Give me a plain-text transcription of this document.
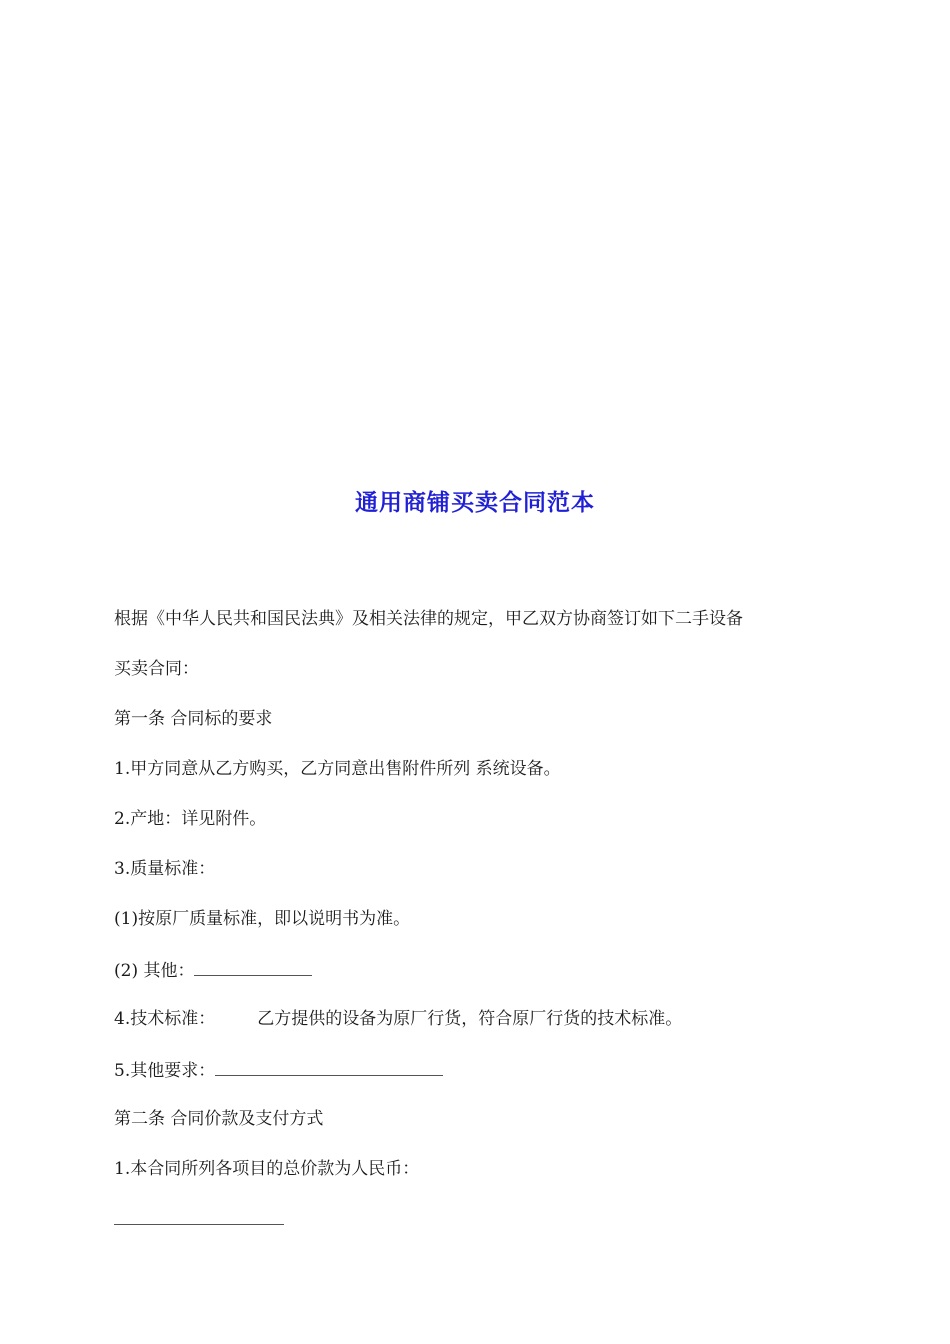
通用商铺买卖合同范本
根据《中华人民共和国民法典》及相关法律的规定，甲乙双方协商签订如下二手设备
买卖合同：
第一条 合同标的要求
1.甲方同意从乙方购买，乙方同意出售附件所列 系统设备。
2.产地：详见附件。
3.质量标准：
(1)按原厂质量标准，即以说明书为准。
(2) 其他：
4.技术标准： 乙方提供的设备为原厂行货，符合原厂行货的技术标准。
5.其他要求：
第二条 合同价款及支付方式
1.本合同所列各项目的总价款为人民币：
